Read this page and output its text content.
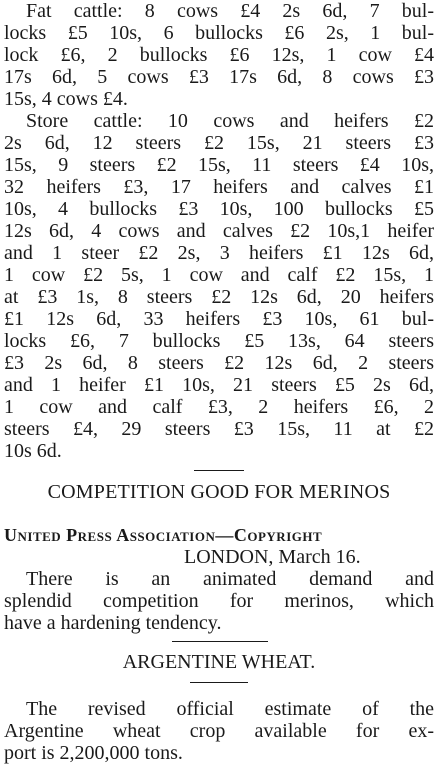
Fat cattle: 8 cows £4 2s 6d, 7 bul-
locks £5 10s, 6 bullocks £6 2s, 1 bul-
lock £6, 2 bullocks £6 12s, 1 cow £4
17s 6d, 5 cows £3 17s 6d, 8 cows £3
15s, 4 cows £4.
Store cattle: 10 cows and heifers £2
2s 6d, 12 steers £2 15s, 21 steers £3
15s, 9 steers £2 15s, 11 steers £4 10s,
32 heifers £3, 17 heifers and calves £1
10s, 4 bullocks £3 10s, 100 bullocks £5
12s 6d, 4 cows and calves £2 10s,1 heifer
and 1 steer £2 2s, 3 heifers £1 12s 6d,
1 cow £2 5s, 1 cow and calf £2 15s, 1
at £3 1s, 8 steers £2 12s 6d, 20 heifers
£1 12s 6d, 33 heifers £3 10s, 61 bul-
locks £6, 7 bullocks £5 13s, 64 steers
£3 2s 6d, 8 steers £2 12s 6d, 2 steers
and 1 heifer £1 10s, 21 steers £5 2s 6d,
1 cow and calf £3, 2 heifers £6, 2
steers £4, 29 steers £3 15s, 11 at £2
10s 6d.
COMPETITION GOOD FOR MERINOS
United Press Association—Copyright
LONDON, March 16.
There is an animated demand and
splendid competition for merinos, which
have a hardening tendency.
ARGENTINE WHEAT.
The revised official estimate of the
Argentine wheat crop available for ex-
port is 2,200,000 tons.
